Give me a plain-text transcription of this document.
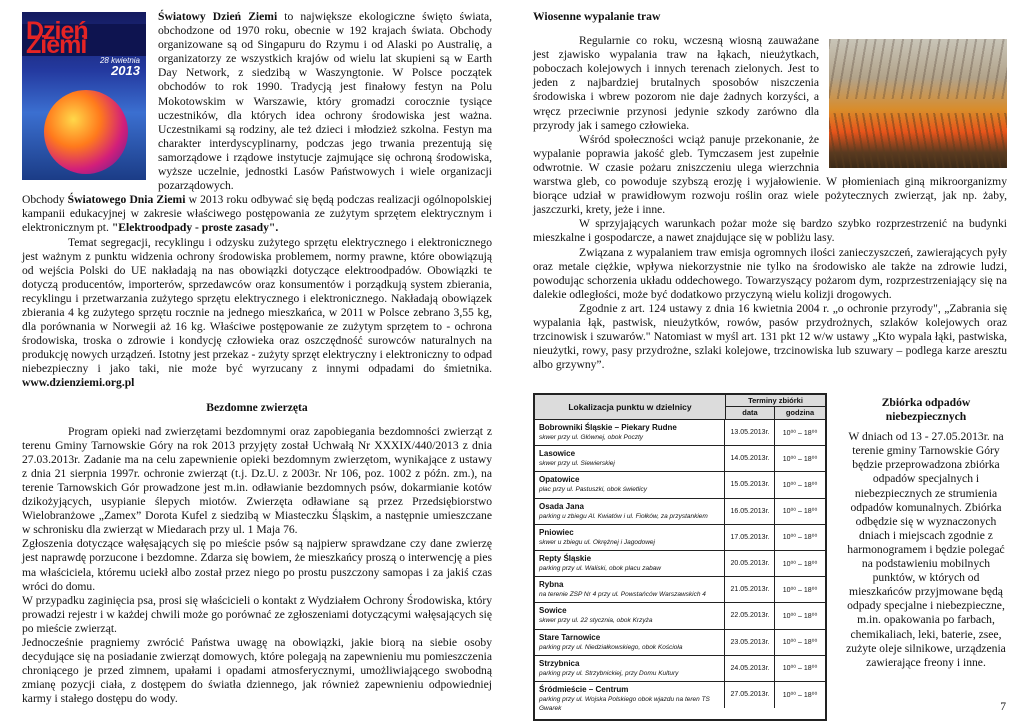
Dzień Ziemi
28 kwietnia
2013

Światowy Dzień Ziemi to największe ekologiczne święto świata, obchodzone od 1970 roku, obecnie w 192 krajach świata. Obchody organizowane są od Singapuru do Rzymu i od Alaski po Australię, a organizatorzy ze wszystkich krajów od wielu lat skupieni są w Earth Day Network, z siedzibą w Waszyngtonie. W Polsce początek obchodów to rok 1990. Tradycją jest finałowy festyn na Polu Mokotowskim w Warszawie, który gromadzi corocznie tysiące uczestników, dla których idea ochrony środowiska jest ważna. Uczestnikami są rodziny, ale też dzieci i młodzież szkolna. Festyn ma charakter interdyscyplinarny, podczas jego trwania prezentują się samorządowe i rządowe instytucje zajmujące się ochroną środowiska, wyższe uczelnie, jednostki Lasów Państwowych i wiele organizacji pozarządowych.

Obchody Światowego Dnia Ziemi w 2013 roku odbywać się będą podczas realizacji ogólnopolskiej kampanii edukacyjnej w zakresie właściwego postępowania ze zużytym sprzętem elektrycznym i elektronicznym pt. "Elektroodpady - proste zasady".

Temat segregacji, recyklingu i odzysku zużytego sprzętu elektrycznego i elektronicznego jest ważnym z punktu widzenia ochrony środowiska problemem, normy prawne, które obowiązują od wejścia Polski do UE nakładają na nas obowiązki dotyczące elektroodpadów. Obowiązki te dotyczą producentów, importerów, sprzedawców oraz konsumentów i porządkują system zbierania, recyklingu i przetwarzania zużytego sprzętu elektrycznego i elektronicznego. Nakładają obowiązek zbierania 4 kg zużytego sprzętu rocznie na jednego mieszkańca, w 2011 w Polsce zebrano 3,55 kg, dla porównania w Norwegii aż 16 kg. Właściwe postępowanie ze zużytym sprzętem to - ochrona środowiska, troska o zdrowie i kondycję człowieka oraz oszczędność surowców naturalnych na produkcję nowych urządzeń. Istotny jest przekaz - zużyty sprzęt elektryczny i elektroniczny to odpad niebezpieczny i jako taki, nie może być wyrzucany z innymi odpadami do śmietnika. www.dzienziemi.org.pl

Bezdomne zwierzęta

Program opieki nad zwierzętami bezdomnymi oraz zapobiegania bezdomności zwierząt z terenu Gminy Tarnowskie Góry na rok 2013 przyjęty został Uchwałą Nr XXXIX/440/2013 z dnia 27.03.2013r. Zadanie ma na celu zapewnienie opieki bezdomnym zwierzętom, wynikające z ustawy z dnia 21 sierpnia 1997r. ochronie zwierząt (t.j. Dz.U. z 2003r. Nr 106, poz. 1002 z późn. zm.), na terenie Tarnowskich Gór prowadzone jest m.in. odławianie bezdomnych psów, dokarmianie kotów dzikożyjących, usypianie ślepych miotów. Zwierzęta odławiane są przez Przedsiębiorstwo Wielobranżowe „Zamex” Dorota Kufel z siedzibą w Miasteczku Śląskim, a następnie umieszczane w schronisku dla zwierząt w Miedarach przy ul. 1 Maja 76.

Zgłoszenia dotyczące wałęsających się po mieście psów są najpierw sprawdzane czy dane zwierzę jest naprawdę porzucone i bezdomne. Zdarza się bowiem, że mieszkańcy proszą o interwencję a pies ma właściciela, któremu uciekł albo został przez niego po prostu puszczony samopas i za jakiś czas wróci do domu.

W przypadku zaginięcia psa, prosi się właścicieli o kontakt z Wydziałem Ochrony Środowiska, który prowadzi rejestr i w każdej chwili może go porównać ze zgłoszeniami dotyczącymi wałęsających się po mieście zwierząt.

Jednocześnie pragniemy zwrócić Państwa uwagę na obowiązki, jakie biorą na siebie osoby decydujące się na posiadanie zwierząt domowych, które polegają na zapewnieniu mu pomieszczenia chroniącego je przed zimnem, upałami i opadami atmosferycznymi, umożliwiającego swobodną zmianę pozycji ciała, z dostępem do światła dziennego, jak również zapewnieniu odpowiedniej karmy i stałego dostępu do wody.

Wiosenne wypalanie traw

Regularnie co roku, wczesną wiosną zauważane jest zjawisko wypalania traw na łąkach, nieużytkach, poboczach kolejowych i innych terenach zielonych. Jest to jeden z najbardziej brutalnych sposobów niszczenia środowiska i wbrew pozorom nie daje żadnych korzyści, a wręcz przeciwnie przynosi jedynie szkody zarówno dla przyrody jak i samego człowieka.

Wśród społeczności wciąż panuje przekonanie, że wypalanie poprawia jakość gleb. Tymczasem jest zupełnie odwrotnie. W czasie pożaru zniszczeniu ulega wierzchnia warstwa gleb, co powoduje szybszą erozję i wyjałowienie. W płomieniach giną mikroorganizmy biorące udział w prawidłowym rozwoju roślin oraz wiele pożytecznych zwierząt, jak np. żaby, jaszczurki, krety, jeże i inne.

W sprzyjających warunkach pożar może się bardzo szybko rozprzestrzenić na budynki mieszkalne i gospodarcze, a nawet znajdujące się w pobliżu lasy.

Związana z wypalaniem traw emisja ogromnych ilości zanieczyszczeń, zawierających pyły oraz metale ciężkie, wpływa niekorzystnie nie tylko na środowisko ale także na zdrowie ludzi, powodując schorzenia układu oddechowego. Towarzyszący pożarom dym, rozprzestrzeniający się na dalekie odległości, może być dodatkowo przyczyną wielu kolizji drogowych.

Zgodnie z art. 124 ustawy z dnia 16 kwietnia 2004 r. „o ochronie przyrody", „Zabrania się wypalania łąk, pastwisk, nieużytków, rowów, pasów przydrożnych, szlaków kolejowych oraz trzcinowisk i szuwarów." Natomiast w myśl art. 131 pkt 12 w/w ustawy „Kto wypala łąki, pastwiska, nieużytki, rowy, pasy przydrożne, szlaki kolejowe, trzcinowiska lub szuwary – podlega karze aresztu albo grzywny”.

Lokalizacja punktu w dzielnicy
Terminy zbiórki
data	godzina
Bobrowniki Śląskie – Piekary Rudne
skwer przy ul. Głównej, obok Poczty
13.05.2013r.	10⁰⁰ – 18⁰⁰
Lasowice
skwer przy ul. Siewierskiej
14.05.2013r.	10⁰⁰ – 18⁰⁰
Opatowice
plac przy ul. Pastuszki, obok świetlicy
15.05.2013r.	10⁰⁰ – 18⁰⁰
Osada Jana
parking u zbiegu Al. Kwiatów i ul. Fiołków, za przystankiem
16.05.2013r.	10⁰⁰ – 18⁰⁰
Pniowiec
skwer u zbiegu ul. Okrężnej i Jagodowej
17.05.2013r.	10⁰⁰ – 18⁰⁰
Repty Śląskie
parking przy ul. Waliski, obok placu zabaw
20.05.2013r.	10⁰⁰ – 18⁰⁰
Rybna
na terenie ZSP Nr 4 przy ul. Powstańców Warszawskich 4
21.05.2013r.	10⁰⁰ – 18⁰⁰
Sowice
skwer przy ul. 22 stycznia, obok Krzyża
22.05.2013r.	10⁰⁰ – 18⁰⁰
Stare Tarnowice
parking przy ul. Niedziałkowskiego, obok Kościoła
23.05.2013r.	10⁰⁰ – 18⁰⁰
Strzybnica
parking przy ul. Strzybnickiej, przy Domu Kultury
24.05.2013r.	10⁰⁰ – 18⁰⁰
Śródmieście – Centrum
parking przy ul. Wojska Polskiego obok wjazdu na teren TS Gwarek
27.05.2013r.	10⁰⁰ – 18⁰⁰
Zbiórka odpadów
niebezpiecznych

W dniach od 13 - 27.05.2013r. na terenie gminy Tarnowskie Góry będzie przeprowadzona zbiórka odpadów specjalnych i niebezpiecznych ze strumienia odpadów komunalnych. Zbiórka odbędzie się w wyznaczonych dniach i miejscach zgodnie z harmonogramem i będzie polegać na podstawieniu mobilnych punktów, w których od mieszkańców przyjmowane będą odpady specjalne i niebezpieczne, m.in. opakowania po farbach, chemikaliach, leki, baterie, zsee, zużyte oleje silnikowe, urządzenia zawierające freony i inne.

7
